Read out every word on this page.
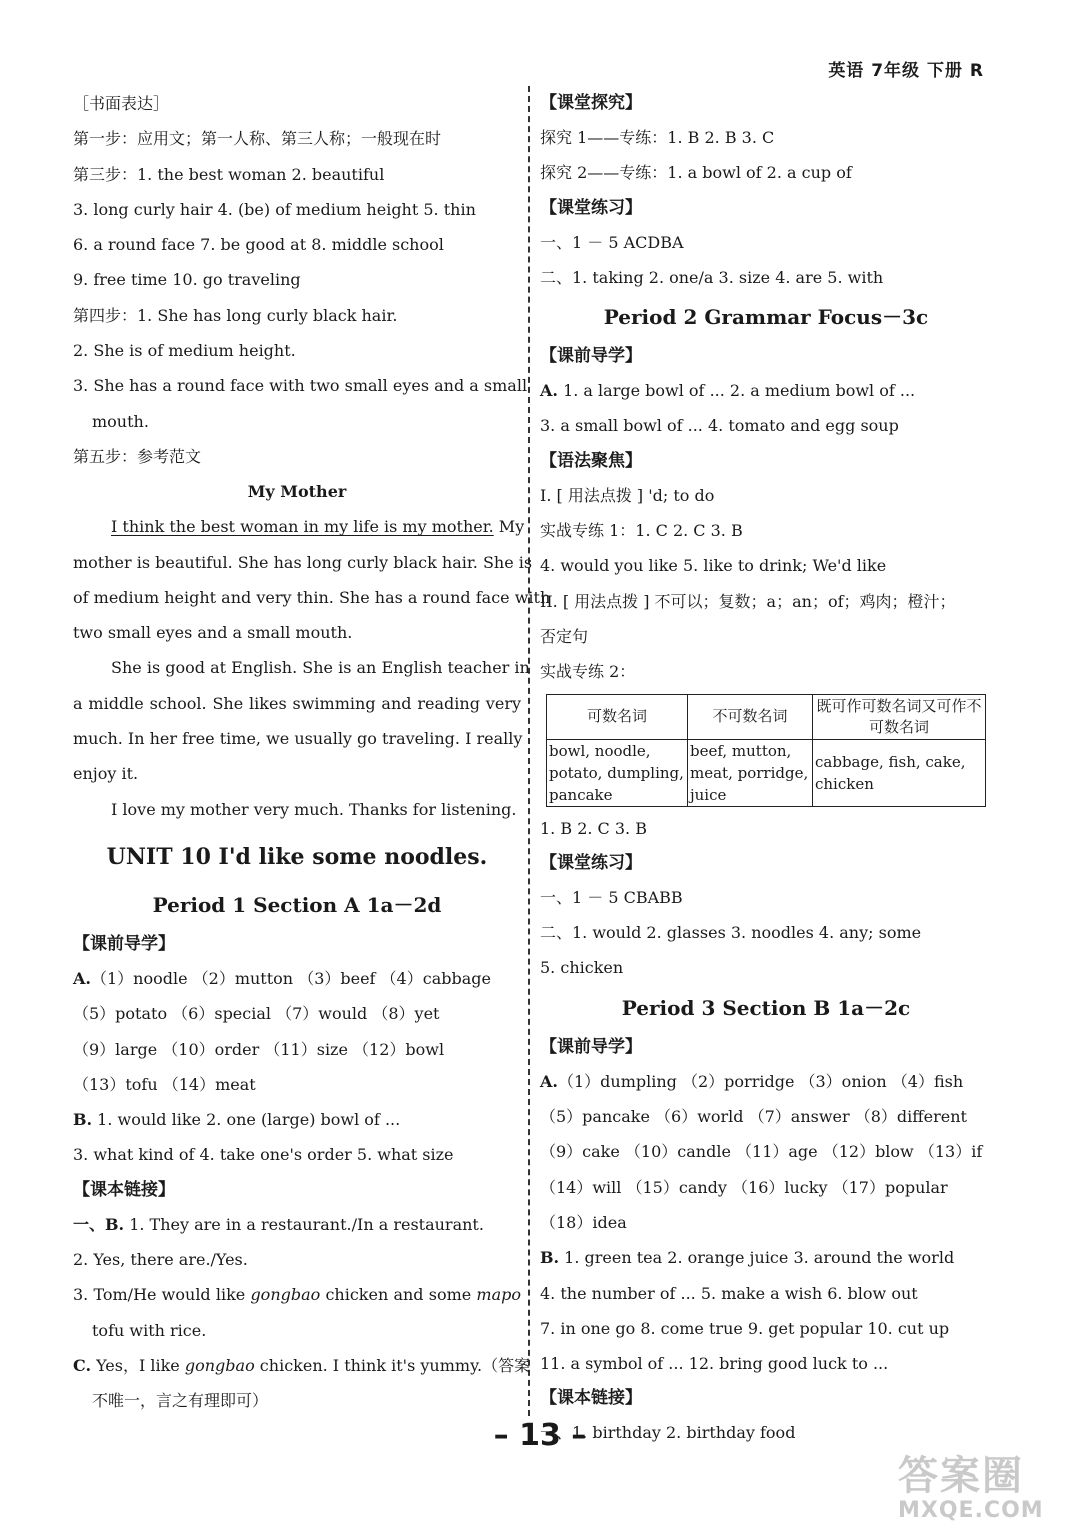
英语 7年级 下册 R
［书面表达］
第一步：应用文；第一人称、第三人称；一般现在时
第三步：1. the best woman 2. beautiful
3. long curly hair 4. (be) of medium height 5. thin
6. a round face 7. be good at 8. middle school
9. free time 10. go traveling
第四步：1. She has long curly black hair.
2. She is of medium height.
3. She has a round face with two small eyes and a small
mouth.
第五步：参考范文
My Mother
I think the best woman in my life is my mother. My
mother is beautiful. She has long curly black hair. She is
of medium height and very thin. She has a round face with
two small eyes and a small mouth.
She is good at English. She is an English teacher in
a middle school. She likes swimming and reading very
much. In her free time, we usually go traveling. I really
enjoy it.
I love my mother very much. Thanks for listening.
UNIT 10 I'd like some noodles.
Period 1 Section A 1a－2d
【课前导学】
A.（1）noodle （2）mutton （3）beef （4）cabbage
（5）potato （6）special （7）would （8）yet
（9）large （10）order （11）size （12）bowl
（13）tofu （14）meat
B. 1. would like 2. one (large) bowl of ...
3. what kind of 4. take one's order 5. what size
【课本链接】
一、B. 1. They are in a restaurant./In a restaurant.
2. Yes, there are./Yes.
3. Tom/He would like gongbao chicken and some mapo
tofu with rice.
C. Yes，I like gongbao chicken. I think it's yummy.（答案
不唯一，言之有理即可）
【课堂探究】
探究 1——专练：1. B 2. B 3. C
探究 2——专练：1. a bowl of 2. a cup of
【课堂练习】
一、1 － 5 ACDBA
二、1. taking 2. one/a 3. size 4. are 5. with
Period 2 Grammar Focus－3c
【课前导学】
A. 1. a large bowl of ... 2. a medium bowl of ...
3. a small bowl of ... 4. tomato and egg soup
【语法聚焦】
I. [ 用法点拨 ] 'd; to do
实战专练 1：1. C 2. C 3. B
4. would you like 5. like to drink; We'd like
II. [ 用法点拨 ] 不可以；复数；a；an；of；鸡肉；橙汁；
否定句
实战专练 2：
可数名词	不可数名词	既可作可数名词又可作不可数名词
bowl, noodle, potato, dumpling, pancake	beef, mutton, meat, porridge, juice	cabbage, fish, cake, chicken
1. B 2. C 3. B
【课堂练习】
一、1 － 5 CBABB
二、1. would 2. glasses 3. noodles 4. any; some
5. chicken
Period 3 Section B 1a－2c
【课前导学】
A.（1）dumpling （2）porridge （3）onion （4）fish
（5）pancake （6）world （7）answer （8）different
（9）cake （10）candle （11）age （12）blow （13）if
（14）will （15）candy （16）lucky （17）popular
（18）idea
B. 1. green tea 2. orange juice 3. around the world
4. the number of ... 5. make a wish 6. blow out
7. in one go 8. come true 9. get popular 10. cut up
11. a symbol of ... 12. bring good luck to ...
【课本链接】
一、1. birthday 2. birthday food
– 13 –
答案圈
MXQE.COM
